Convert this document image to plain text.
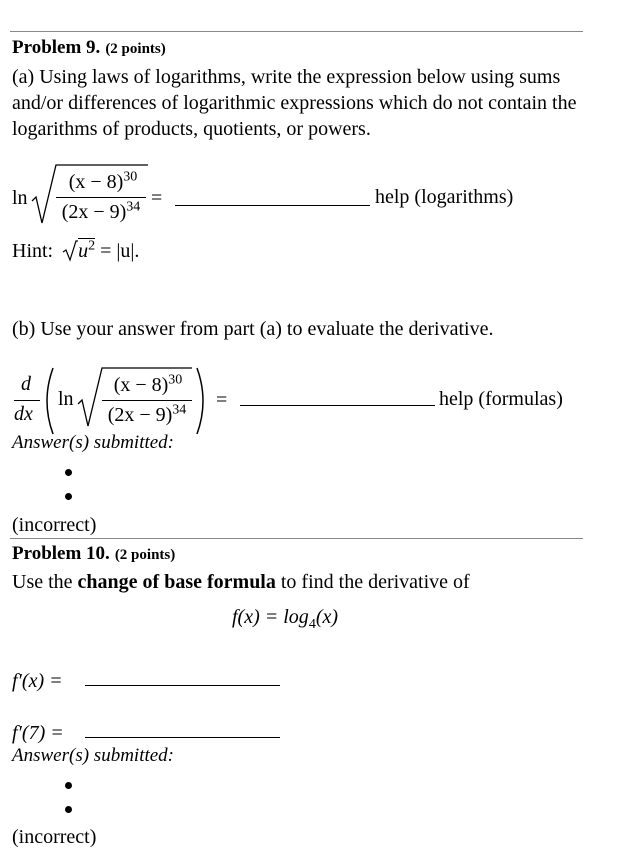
Problem 9. (2 points)
(a) Using laws of logarithms, write the expression below using sums and/or differences of logarithmic expressions which do not contain the logarithms of products, quotients, or powers.
ln
$(x - 8)^{30}$
$(2x - 9)^{34}$ =	help (logarithms)
Hint: $u^2 = |u|$.
(b) Use your answer from part (a) to evaluate the derivative.
d
dx
ln
$(x - 8)^{30}$
$(2x - 9)^{34}$	=	help (formulas)
Answer(s) submitted:
(incorrect)
Problem 10. (2 points)
Use the change of base formula to find the derivative of
$f(x) = \log_4(x)$
f′(x) =
f′(7) =
Answer(s) submitted:
(incorrect)
